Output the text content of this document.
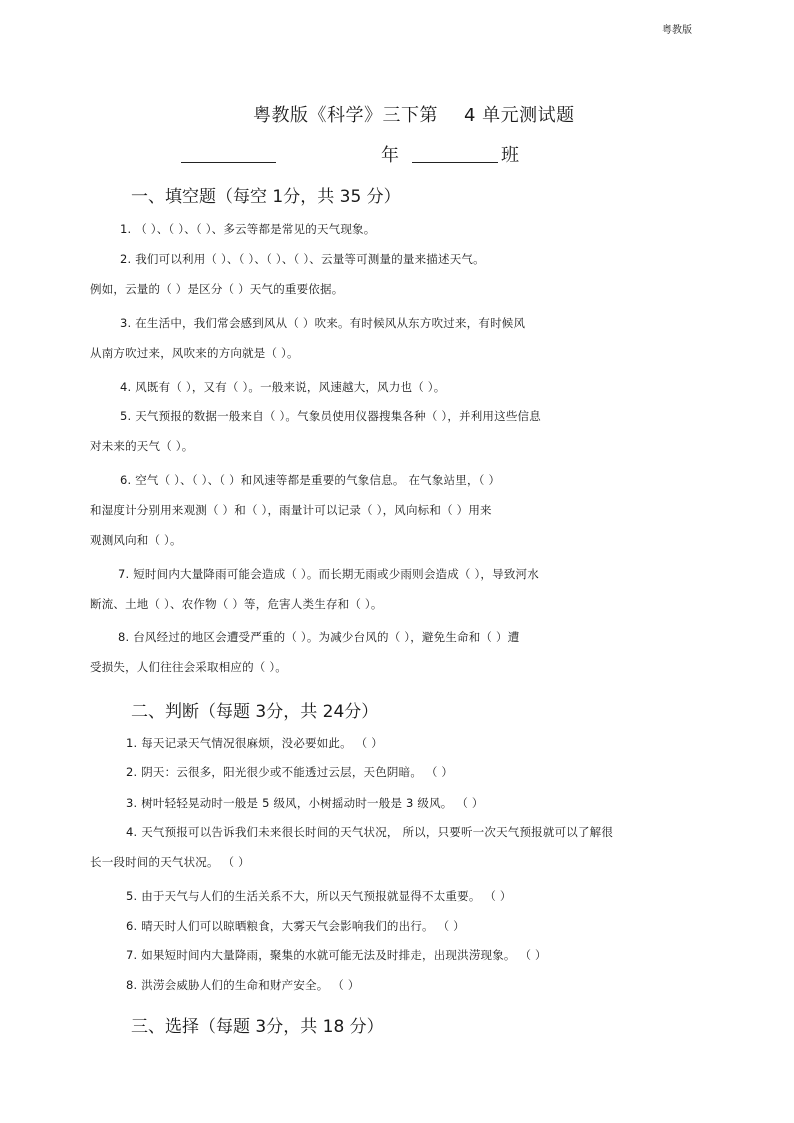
粤教版
粤教版《科学》三下第 4 单元测试题
年	班
一、填空题（每空 1分，共 35 分）
1. （ ）、（ ）、（ ）、多云等都是常见的天气现象。
2. 我们可以利用（ ）、（ ）、（ ）、（ ）、云量等可测量的量来描述天气。
例如，云量的（ ）是区分（ ）天气的重要依据。
3. 在生活中，我们常会感到风从（ ）吹来。有时候风从东方吹过来，有时候风
从南方吹过来，风吹来的方向就是（ ）。
4. 风既有（ ），又有（ ）。一般来说，风速越大，风力也（ ）。
5. 天气预报的数据一般来自（ ）。气象员使用仪器搜集各种（ ），并利用这些信息
对未来的天气（ ）。
6. 空气（ ）、（ ）、（ ）和风速等都是重要的气象信息。 在气象站里，（ ）
和湿度计分别用来观测（ ）和（ ），雨量计可以记录（ ），风向标和（ ）用来
观测风向和（ ）。
7. 短时间内大量降雨可能会造成（ ）。而长期无雨或少雨则会造成（ ），导致河水
断流、土地（ ）、农作物（ ）等，危害人类生存和（ ）。
8. 台风经过的地区会遭受严重的（ ）。为减少台风的（ ），避免生命和（ ）遭
受损失，人们往往会采取相应的（ ）。
二、判断（每题 3分，共 24分）
1. 每天记录天气情况很麻烦，没必要如此。 （ ）
2. 阴天：云很多，阳光很少或不能透过云层，天色阴暗。 （ ）
3. 树叶轻轻晃动时一般是 5 级风，小树摇动时一般是 3 级风。 （ ）
4. 天气预报可以告诉我们未来很长时间的天气状况， 所以，只要听一次天气预报就可以了解很
长一段时间的天气状况。 （ ）
5. 由于天气与人们的生活关系不大，所以天气预报就显得不太重要。 （ ）
6. 晴天时人们可以晾晒粮食，大雾天气会影响我们的出行。 （ ）
7. 如果短时间内大量降雨，聚集的水就可能无法及时排走，出现洪涝现象。 （ ）
8. 洪涝会威胁人们的生命和财产安全。 （ ）
三、选择（每题 3分，共 18 分）
